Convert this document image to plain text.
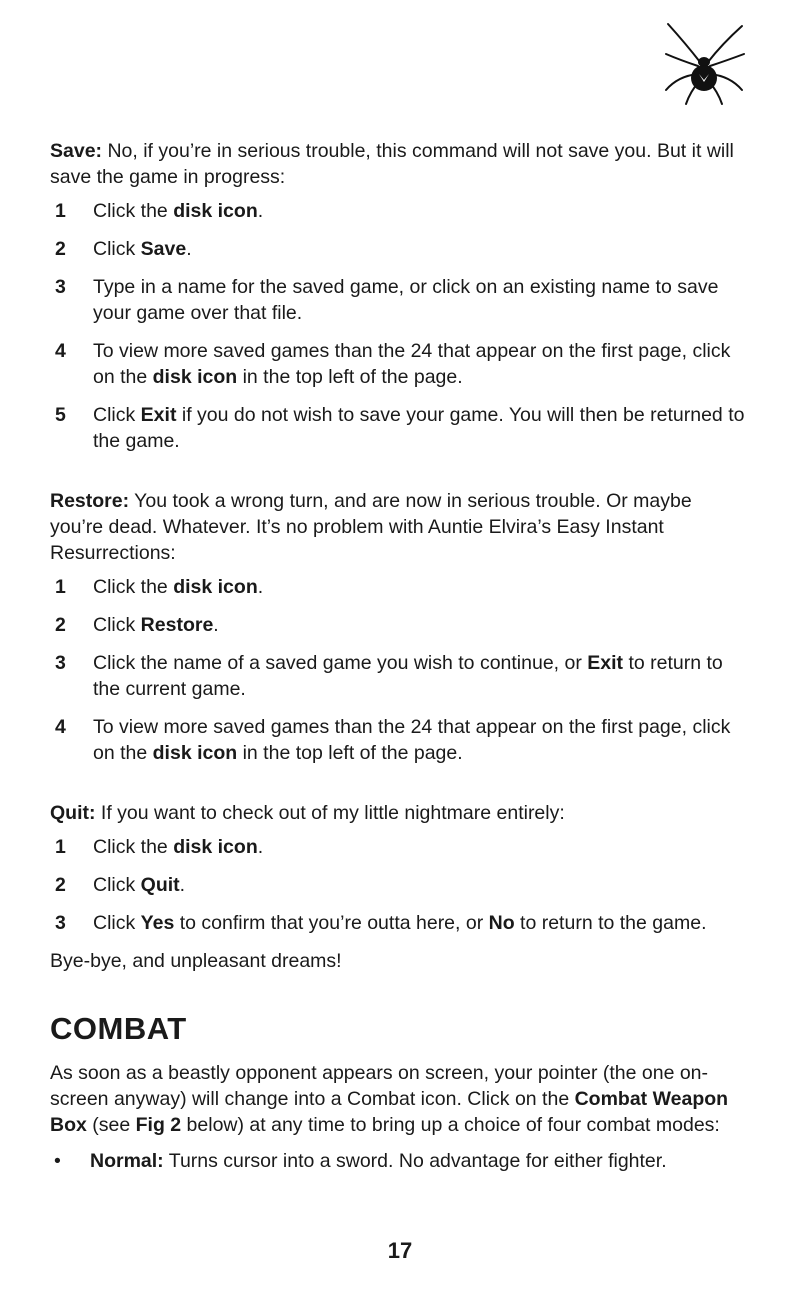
Save: No, if you’re in serious trouble, this command will not save you. But it will save the game in progress:

1 Click the disk icon.
2 Click Save.
3 Type in a name for the saved game, or click on an existing name to save your game over that file.
4 To view more saved games than the 24 that appear on the first page, click on the disk icon in the top left of the page.
5 Click Exit if you do not wish to save your game. You will then be returned to the game.

Restore: You took a wrong turn, and are now in serious trouble. Or maybe you’re dead. Whatever. It’s no problem with Auntie Elvira’s Easy Instant Resurrections:

1 Click the disk icon.
2 Click Restore.
3 Click the name of a saved game you wish to continue, or Exit to return to the current game.
4 To view more saved games than the 24 that appear on the first page, click on the disk icon in the top left of the page.

Quit: If you want to check out of my little nightmare entirely:

1 Click the disk icon.
2 Click Quit.
3 Click Yes to confirm that you’re outta here, or No to return to the game.

Bye-bye, and unpleasant dreams!

COMBAT

As soon as a beastly opponent appears on screen, your pointer (the one on-screen anyway) will change into a Combat icon. Click on the Combat Weapon Box (see Fig 2 below) at any time to bring up a choice of four combat modes:

• Normal: Turns cursor into a sword. No advantage for either fighter.
17
